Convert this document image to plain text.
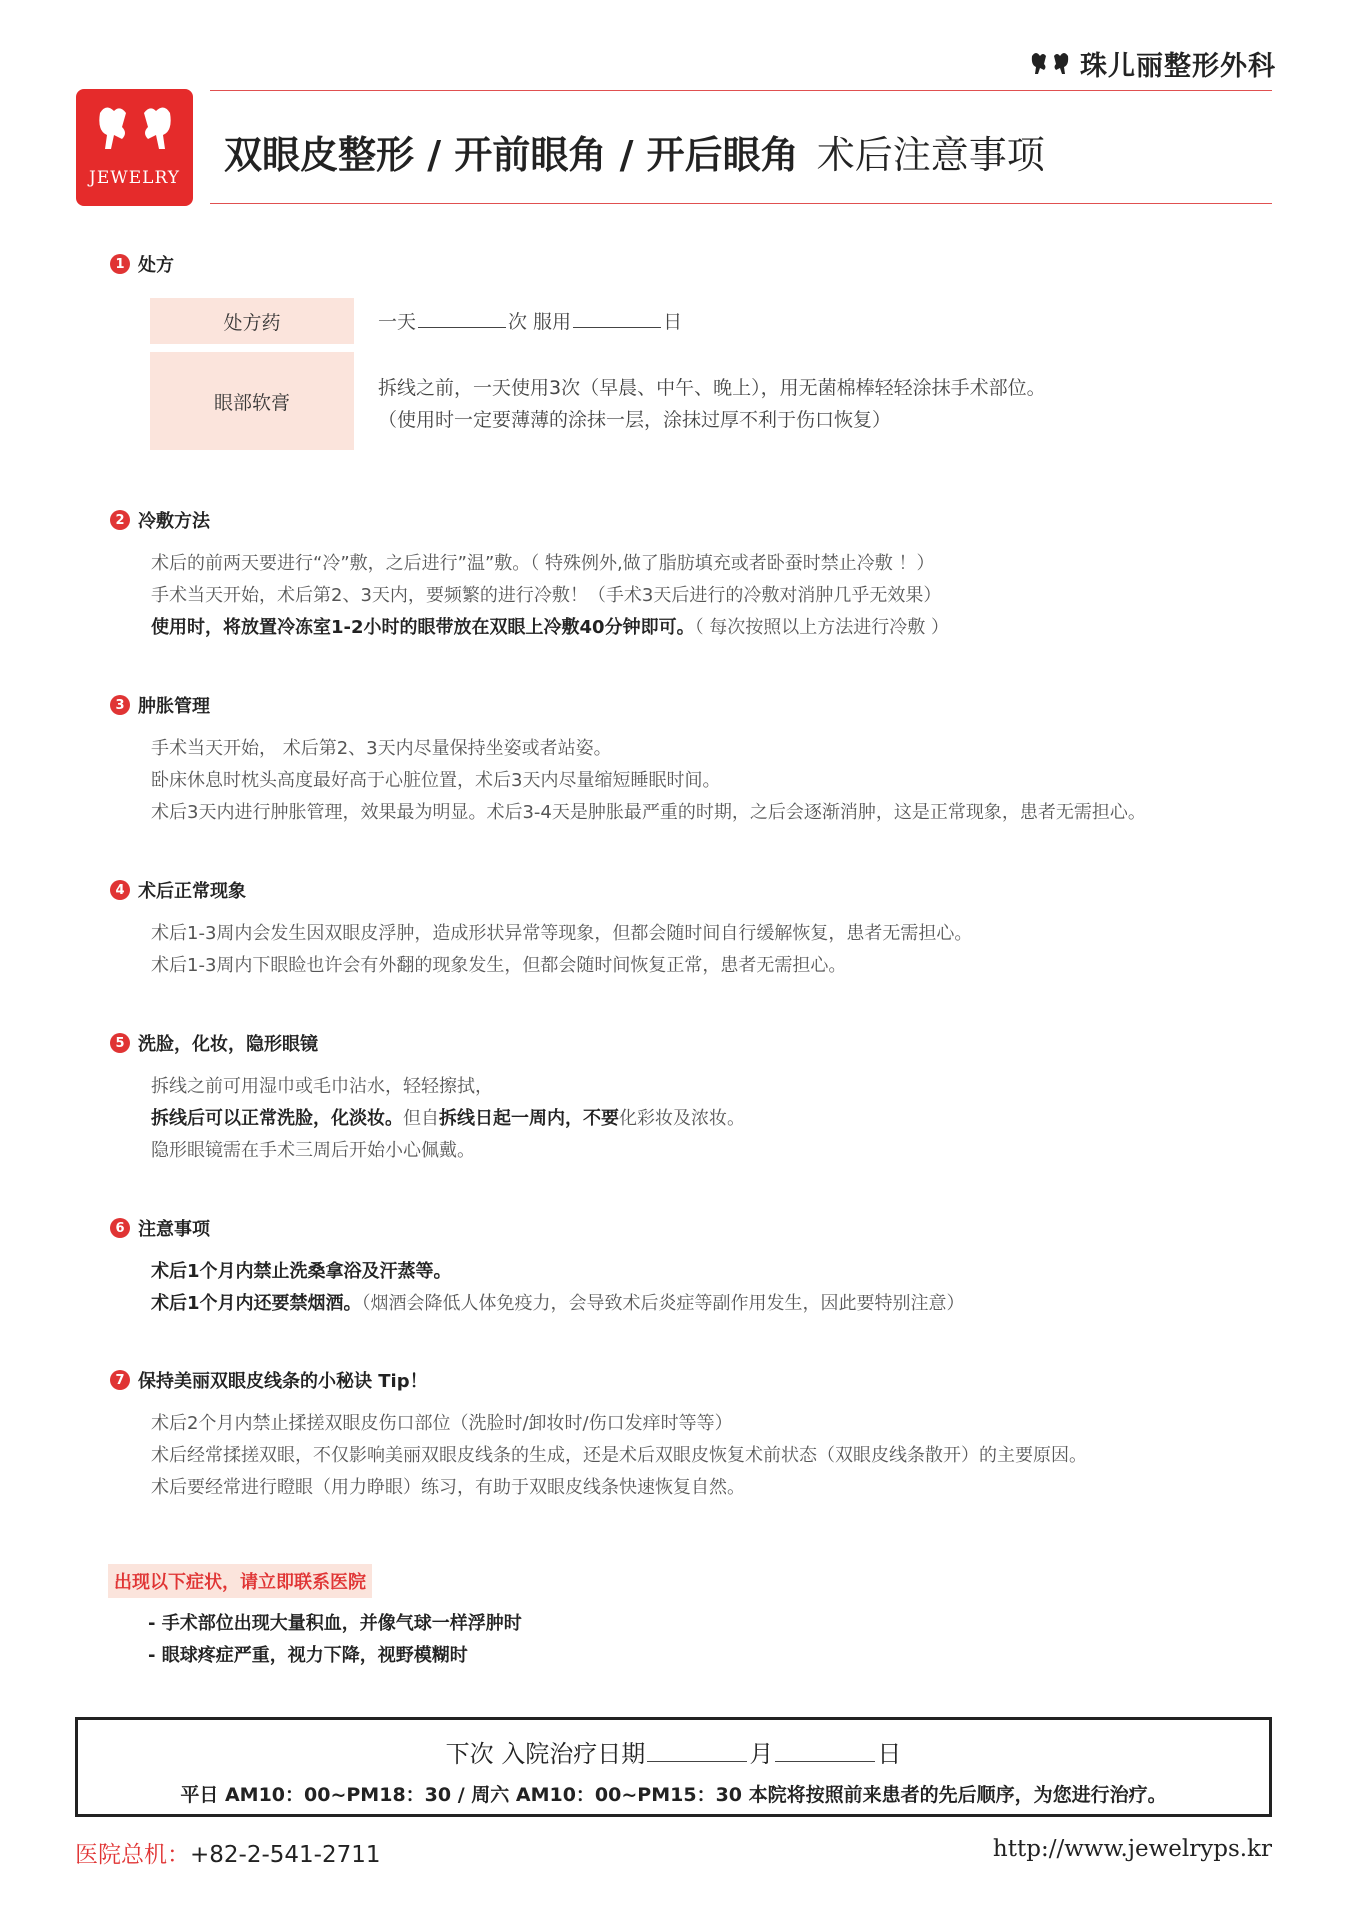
珠儿丽整形外科
JEWELRY
双眼皮整形 / 开前眼角 / 开后眼角 术后注意事项
1 处方
处方药	一天	次 服用	日
眼部软膏
拆线之前，一天使用3次（早晨、中午、晚上），用无菌棉棒轻轻涂抹手术部位。
（使用时一定要薄薄的涂抹一层，涂抹过厚不利于伤口恢复）
2 冷敷方法
术后的前两天要进行“冷”敷，之后进行”温”敷。（ 特殊例外,做了脂肪填充或者卧蚕时禁止冷敷 ！）
手术当天开始，术后第2、3天内，要频繁的进行冷敷！（手术3天后进行的冷敷对消肿几乎无效果）
使用时，将放置冷冻室1-2小时的眼带放在双眼上冷敷40分钟即可。（ 每次按照以上方法进行冷敷 ）
3 肿胀管理
手术当天开始， 术后第2、3天内尽量保持坐姿或者站姿。
卧床休息时枕头高度最好高于心脏位置，术后3天内尽量缩短睡眠时间。
术后3天内进行肿胀管理，效果最为明显。术后3-4天是肿胀最严重的时期，之后会逐渐消肿，这是正常现象，患者无需担心。
4 术后正常现象
术后1-3周内会发生因双眼皮浮肿，造成形状异常等现象，但都会随时间自行缓解恢复，患者无需担心。
术后1-3周内下眼睑也许会有外翻的现象发生，但都会随时间恢复正常，患者无需担心。
5 洗脸，化妆，隐形眼镜
拆线之前可用湿巾或毛巾沾水，轻轻擦拭，
拆线后可以正常洗脸，化淡妆。但自拆线日起一周内，不要化彩妆及浓妆。
隐形眼镜需在手术三周后开始小心佩戴。
6 注意事项
术后1个月内禁止洗桑拿浴及汗蒸等。
术后1个月内还要禁烟酒。（烟酒会降低人体免疫力，会导致术后炎症等副作用发生，因此要特别注意）
7 保持美丽双眼皮线条的小秘诀 Tip！
术后2个月内禁止揉搓双眼皮伤口部位（洗脸时/卸妆时/伤口发痒时等等）
术后经常揉搓双眼，不仅影响美丽双眼皮线条的生成，还是术后双眼皮恢复术前状态（双眼皮线条散开）的主要原因。
术后要经常进行瞪眼（用力睁眼）练习，有助于双眼皮线条快速恢复自然。
出现以下症状，请立即联系医院
- 手术部位出现大量积血，并像气球一样浮肿时
- 眼球疼症严重，视力下降，视野模糊时
下次 入院治疗日期	月	日
平日 AM10：00~PM18：30 / 周六 AM10：00~PM15：30 本院将按照前来患者的先后顺序，为您进行治疗。
医院总机：+82-2-541-2711	http://www.jewelryps.kr
